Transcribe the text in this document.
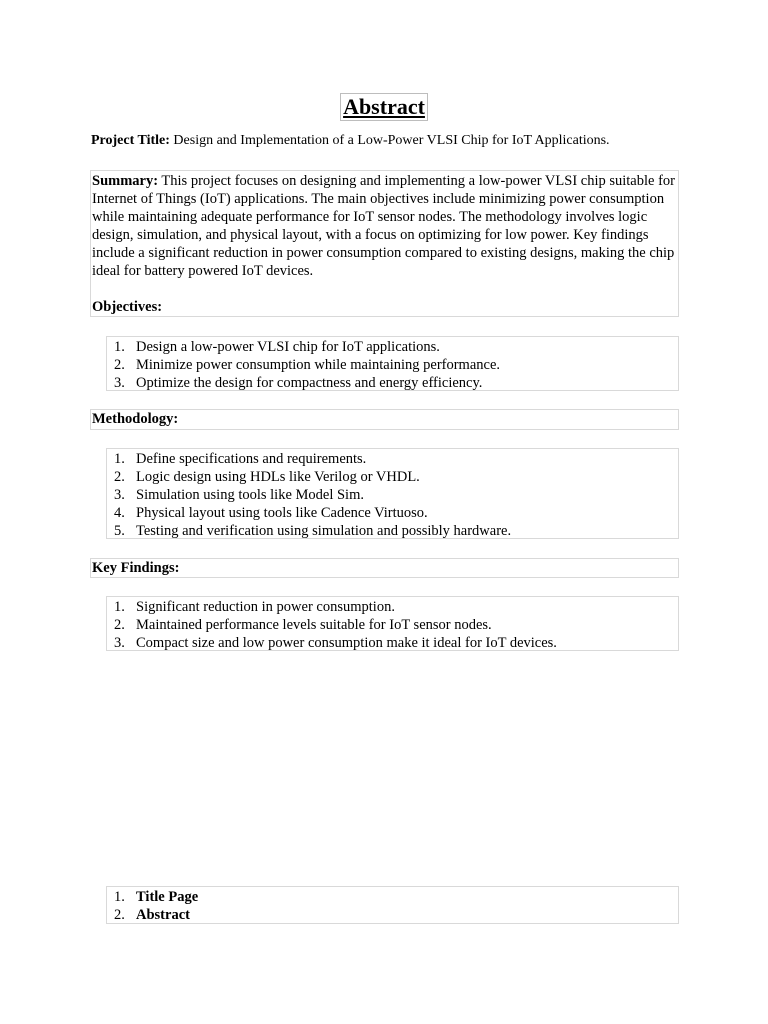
Abstract
Project Title: Design and Implementation of a Low-Power VLSI Chip for IoT Applications.

Summary: This project focuses on designing and implementing a low-power VLSI chip suitable for Internet of Things (IoT) applications. The main objectives include minimizing power consumption while maintaining adequate performance for IoT sensor nodes. The methodology involves logic design, simulation, and physical layout, with a focus on optimizing for low power. Key findings include a significant reduction in power consumption compared to existing designs, making the chip ideal for battery powered IoT devices.

Objectives:
1. Design a low-power VLSI chip for IoT applications.
2. Minimize power consumption while maintaining performance.
3. Optimize the design for compactness and energy efficiency.
Methodology:
1. Define specifications and requirements.
2. Logic design using HDLs like Verilog or VHDL.
3. Simulation using tools like Model Sim.
4. Physical layout using tools like Cadence Virtuoso.
5. Testing and verification using simulation and possibly hardware.
Key Findings:
1. Significant reduction in power consumption.
2. Maintained performance levels suitable for IoT sensor nodes.
3. Compact size and low power consumption make it ideal for IoT devices.
1. Title Page
2. Abstract
